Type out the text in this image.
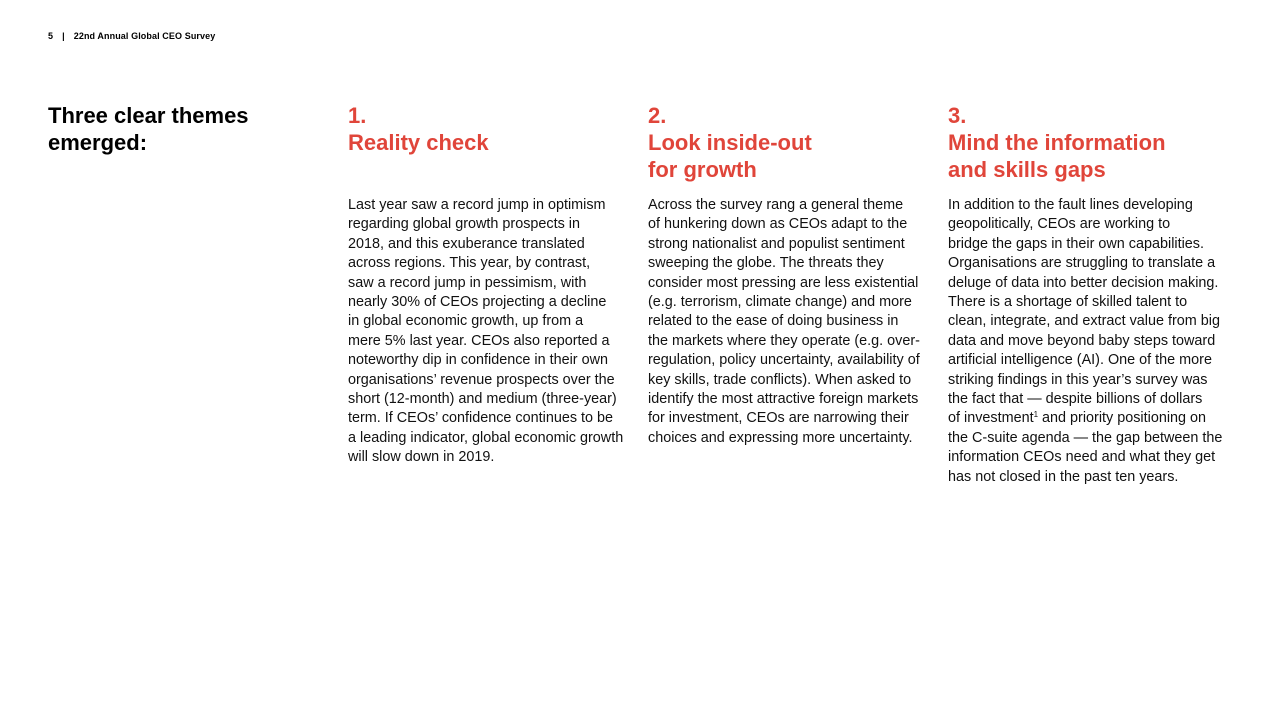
5 | 22nd Annual Global CEO Survey
Three clear themes emerged:
1.
Reality check

Last year saw a record jump in optimism
regarding global growth prospects in
2018, and this exuberance translated
across regions. This year, by contrast,
saw a record jump in pessimism, with
nearly 30% of CEOs projecting a decline
in global economic growth, up from a
mere 5% last year. CEOs also reported a
noteworthy dip in confidence in their own
organisations’ revenue prospects over the
short (12-month) and medium (three-year)
term. If CEOs’ confidence continues to be
a leading indicator, global economic growth
will slow down in 2019.

2.
Look inside-out
for growth

Across the survey rang a general theme
of hunkering down as CEOs adapt to the
strong nationalist and populist sentiment
sweeping the globe. The threats they
consider most pressing are less existential
(e.g. terrorism, climate change) and more
related to the ease of doing business in
the markets where they operate (e.g. over-
regulation, policy uncertainty, availability of
key skills, trade conflicts). When asked to
identify the most attractive foreign markets
for investment, CEOs are narrowing their
choices and expressing more uncertainty.

3.
Mind the information
and skills gaps

In addition to the fault lines developing
geopolitically, CEOs are working to
bridge the gaps in their own capabilities.
Organisations are struggling to translate a
deluge of data into better decision making.
There is a shortage of skilled talent to
clean, integrate, and extract value from big
data and move beyond baby steps toward
artificial intelligence (AI). One of the more
striking findings in this year’s survey was
the fact that — despite billions of dollars
of investment$^1$ and priority positioning on
the C-suite agenda — the gap between the
information CEOs need and what they get
has not closed in the past ten years.
